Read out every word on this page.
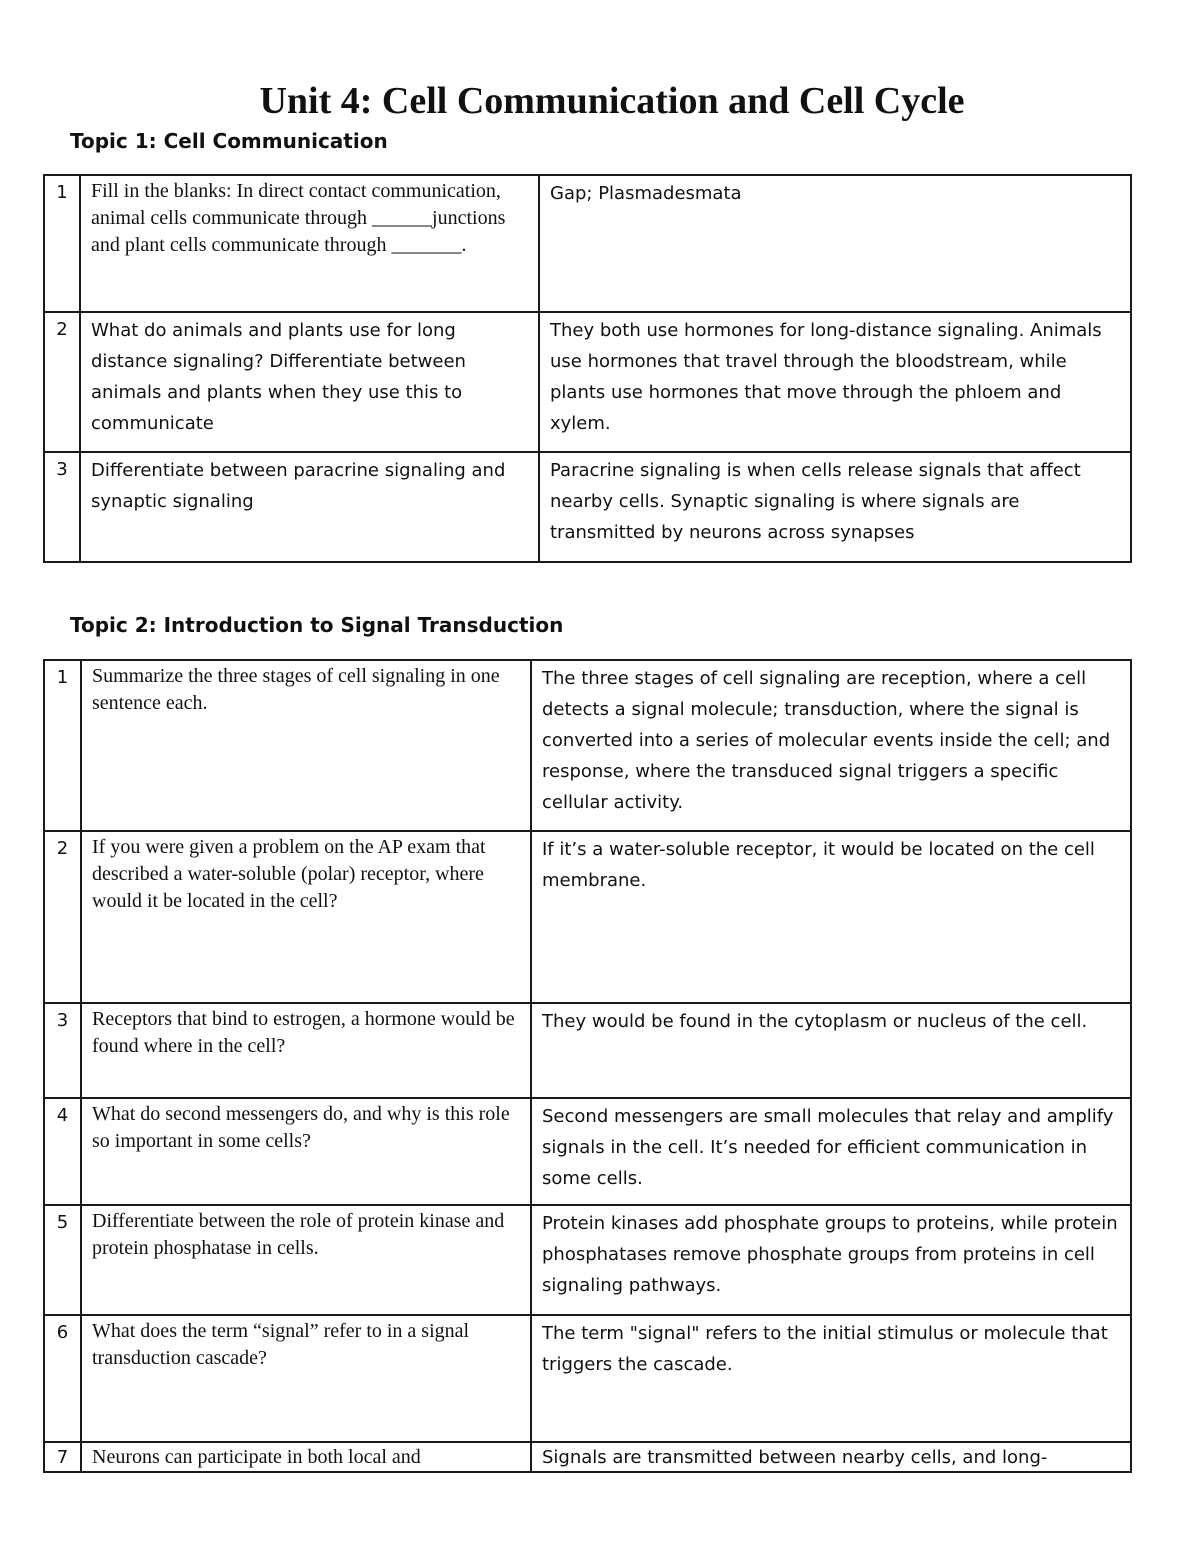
Unit 4: Cell Communication and Cell Cycle
Topic 1: Cell Communication
1	Fill in the blanks: In direct contact communication, animal cells communicate through ______junctions and plant cells communicate through _______.	Gap; Plasmadesmata
2	What do animals and plants use for long distance signaling? Differentiate between animals and plants when they use this to communicate	They both use hormones for long-distance signaling. Animals use hormones that travel through the bloodstream, while plants use hormones that move through the phloem and xylem.
3	Differentiate between paracrine signaling and synaptic signaling	Paracrine signaling is when cells release signals that affect nearby cells. Synaptic signaling is where signals are transmitted by neurons across synapses
Topic 2: Introduction to Signal Transduction
1	Summarize the three stages of cell signaling in one sentence each.	The three stages of cell signaling are reception, where a cell detects a signal molecule; transduction, where the signal is converted into a series of molecular events inside the cell; and response, where the transduced signal triggers a specific cellular activity.
2	If you were given a problem on the AP exam that described a water-soluble (polar) receptor, where would it be located in the cell?	If it’s a water-soluble receptor, it would be located on the cell membrane.
3	Receptors that bind to estrogen, a hormone would be found where in the cell?	They would be found in the cytoplasm or nucleus of the cell.
4	What do second messengers do, and why is this role so important in some cells?	Second messengers are small molecules that relay and amplify signals in the cell. It’s needed for efficient communication in some cells.
5	Differentiate between the role of protein kinase and protein phosphatase in cells.	Protein kinases add phosphate groups to proteins, while protein phosphatases remove phosphate groups from proteins in cell signaling pathways.
6	What does the term “signal” refer to in a signal transduction cascade?	The term "signal" refers to the initial stimulus or molecule that triggers the cascade.
7	Neurons can participate in both local and	Signals are transmitted between nearby cells, and long-
